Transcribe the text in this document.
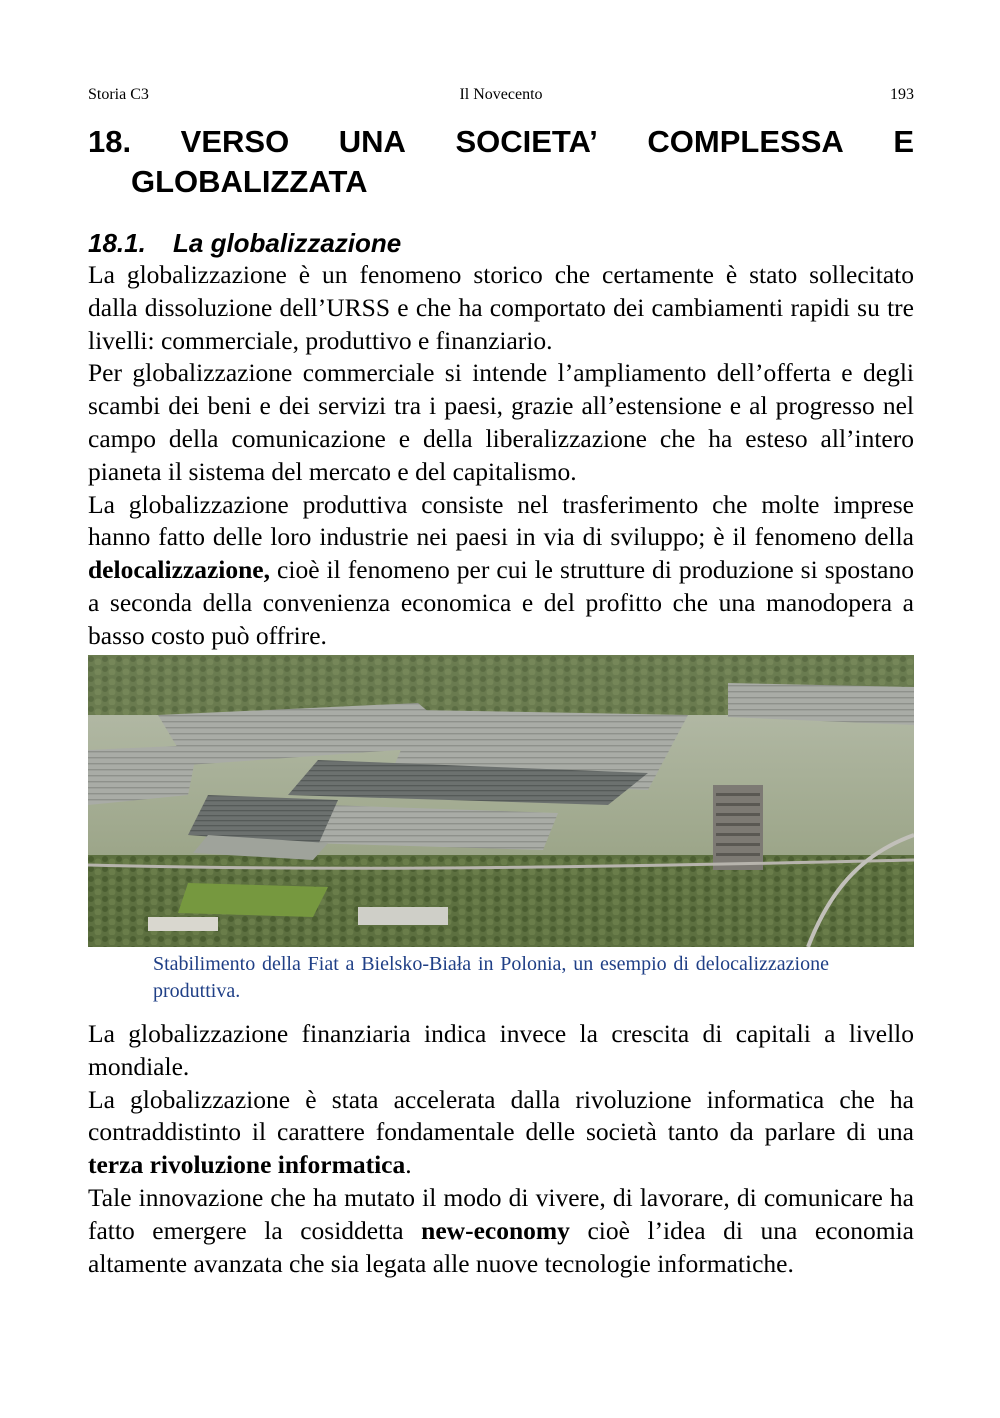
Storia C3	Il Novecento	193
18. VERSO UNA SOCIETA’ COMPLESSA E
GLOBALIZZATA
18.1. La globalizzazione

La globalizzazione è un fenomeno storico che certamente è stato sollecitato dalla dissoluzione dell’URSS e che ha comportato dei cambiamenti rapidi su tre livelli: commerciale, produttivo e finanziario.

Per globalizzazione commerciale si intende l’ampliamento dell’offerta e degli scambi dei beni e dei servizi tra i paesi, grazie all’estensione e al progresso nel campo della comunicazione e della liberalizzazione che ha esteso all’intero pianeta il sistema del mercato e del capitalismo.

La globalizzazione produttiva consiste nel trasferimento che molte imprese hanno fatto delle loro industrie nei paesi in via di sviluppo; è il fenomeno della delocalizzazione, cioè il fenomeno per cui le strutture di produzione si spostano a seconda della convenienza economica e del profitto che una manodopera a basso costo può offrire.

Stabilimento della Fiat a Bielsko-Biała in Polonia, un esempio di delocalizzazione produttiva.

La globalizzazione finanziaria indica invece la crescita di capitali a livello mondiale.

La globalizzazione è stata accelerata dalla rivoluzione informatica che ha contraddistinto il carattere fondamentale delle società tanto da parlare di una terza rivoluzione informatica.

Tale innovazione che ha mutato il modo di vivere, di lavorare, di comunicare ha fatto emergere la cosiddetta new-economy cioè l’idea di una economia altamente avanzata che sia legata alle nuove tecnologie informatiche.
